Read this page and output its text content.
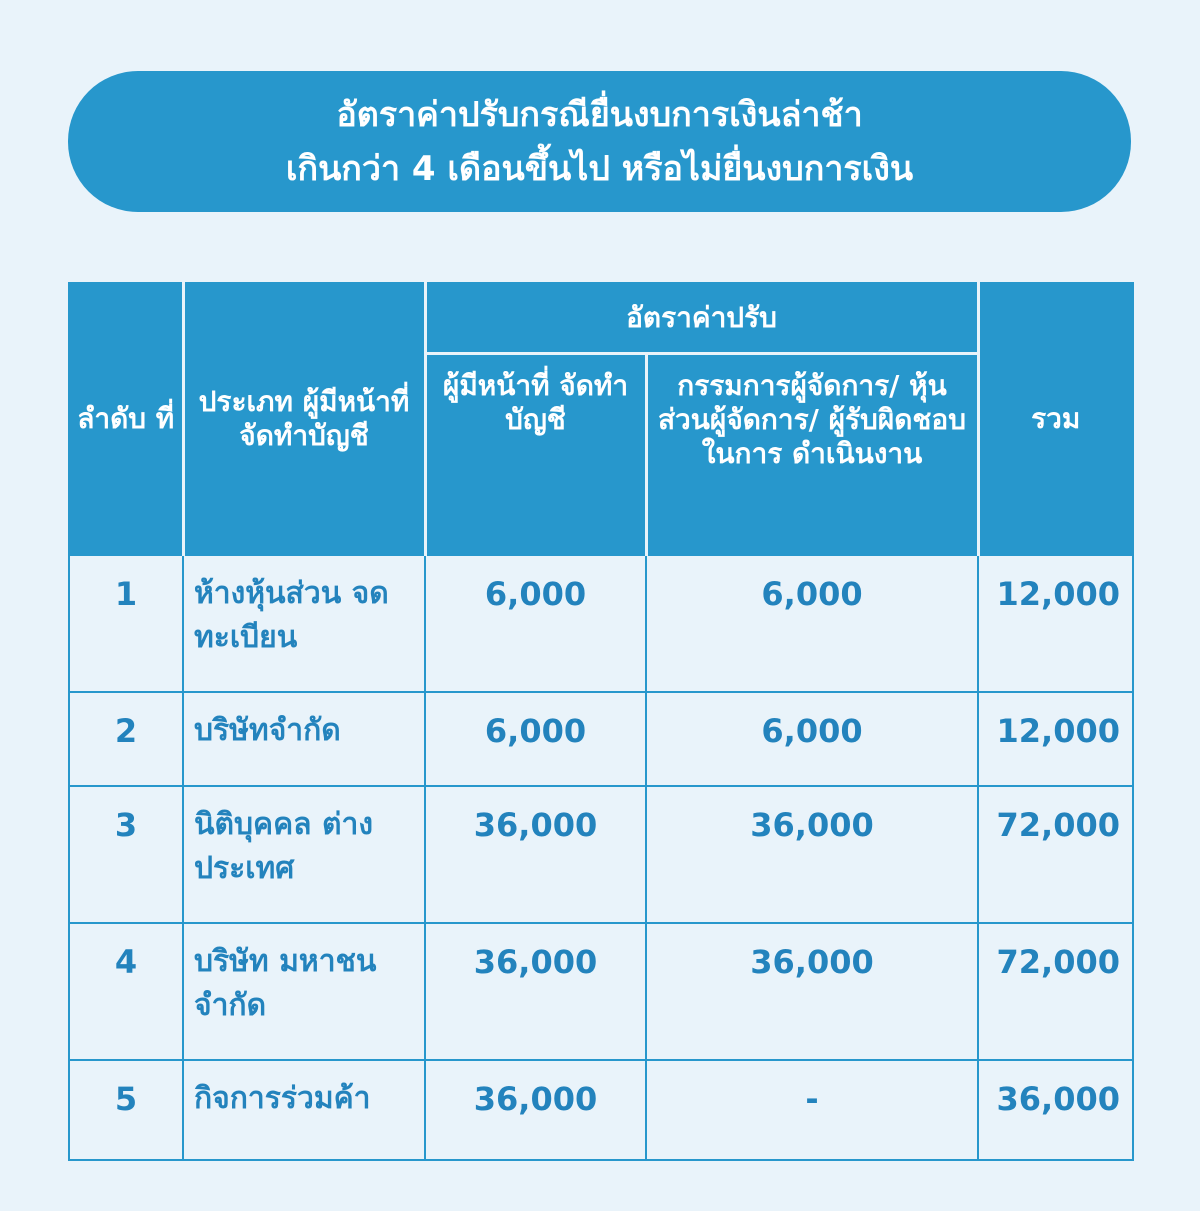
อัตราค่าปรับกรณียื่นงบการเงินล่าช้า
เกินกว่า 4 เดือนขึ้นไป หรือไม่ยื่นงบการเงิน
ลำดับ ที่	ประเภท ผู้มีหน้าที่ จัดทำบัญชี	อัตราค่าปรับ		รวม
		ผู้มีหน้าที่ จัดทำบัญชี	กรรมการผู้จัดการ/ หุ้นส่วนผู้จัดการ/ ผู้รับผิดชอบในการ ดำเนินงาน	
1	ห้างหุ้นส่วน จดทะเบียน	6,000	6,000	12,000
2	บริษัทจำกัด	6,000	6,000	12,000
3	นิติบุคคล ต่างประเทศ	36,000	36,000	72,000
4	บริษัท มหาชนจำกัด	36,000	36,000	72,000
5	กิจการร่วมค้า	36,000	-	36,000
